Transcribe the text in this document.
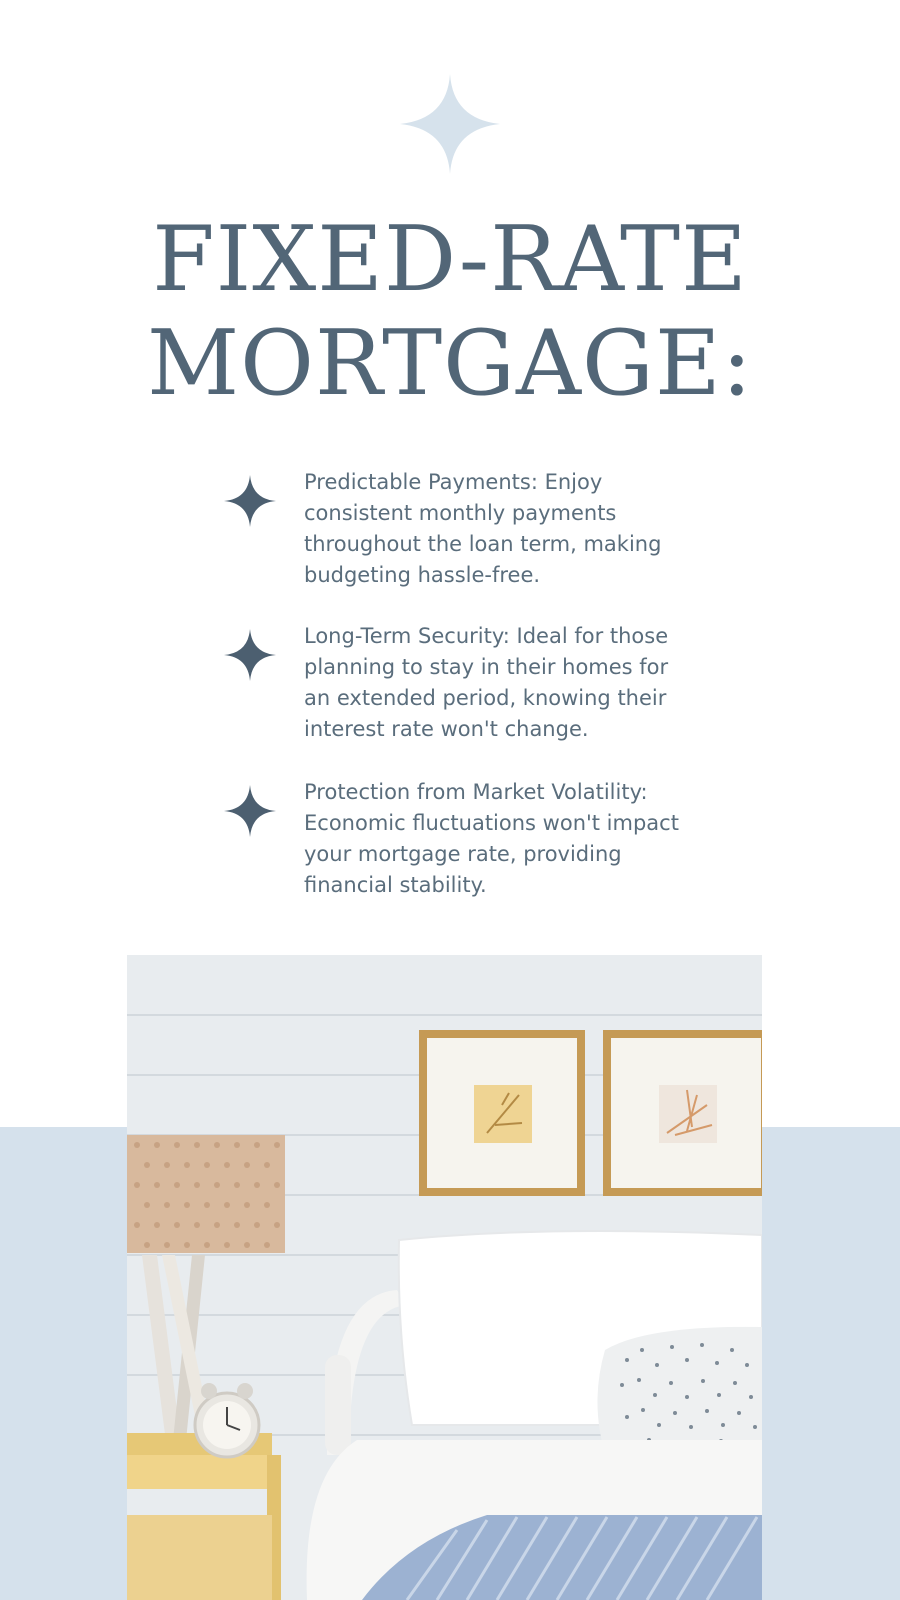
FIXED-RATE
MORTGAGE:
Predictable Payments: Enjoy consistent monthly payments throughout the loan term, making budgeting hassle-free.
Long-Term Security: Ideal for those planning to stay in their homes for an extended period, knowing their interest rate won't change.
Protection from Market Volatility: Economic fluctuations won't impact your mortgage rate, providing financial stability.
